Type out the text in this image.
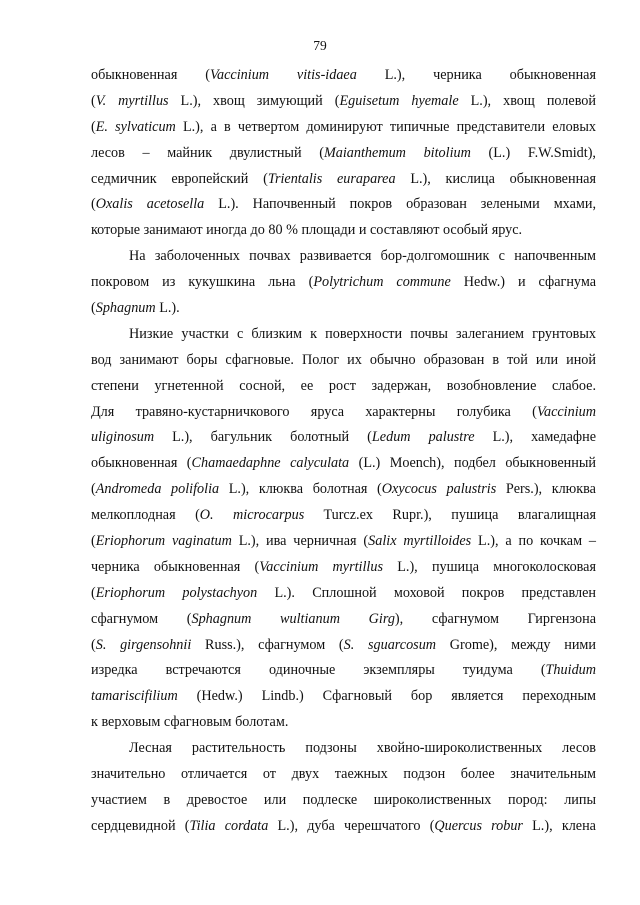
79
обыкновенная (Vaccinium vitis-idaea L.), черника обыкновенная
(V. myrtillus L.), хвощ зимующий (Eguisetum hyemale L.), хвощ полевой
(E. sylvaticum L.), а в четвертом доминируют типичные представители еловых
лесов – майник двулистный (Maianthemum bitolium (L.) F.W.Smidt),
седмичник европейский (Trientalis euraparea L.), кислица обыкновенная
(Oxalis acetosella L.). Напочвенный покров образован зелеными мхами,
которые занимают иногда до 80 % площади и составляют особый ярус.
На заболоченных почвах развивается бор-долгомошник с напочвенным
покровом из кукушкина льна (Polytrichum commune Hedw.) и сфагнума
(Sphagnum L.).
Низкие участки с близким к поверхности почвы залеганием грунтовых
вод занимают боры сфагновые. Полог их обычно образован в той или иной
степени угнетенной сосной, ее рост задержан, возобновление слабое.
Для травяно-кустарничкового яруса характерны голубика (Vaccinium
uliginosum L.), багульник болотный (Ledum palustre L.), хамедафне
обыкновенная (Chamaedaphne calyculata (L.) Moench), подбел обыкновенный
(Andromeda polifolia L.), клюква болотная (Oxycocus palustris Pers.), клюква
мелкоплодная (O. microcarpus Turcz.ex Rupr.), пушица влагалищная
(Eriophorum vaginatum L.), ива черничная (Salix myrtilloides L.), а по кочкам –
черника обыкновенная (Vaccinium myrtillus L.), пушица многоколосковая
(Eriophorum polystachyon L.). Сплошной моховой покров представлен
сфагнумом (Sphagnum wultianum Girg), сфагнумом Гиргензона
(S. girgensohnii Russ.), сфагнумом (S. sguarcosum Grome), между ними
изредка встречаются одиночные экземпляры туидума (Thuidum
tamariscifilium (Hedw.) Lindb.) Сфагновый бор является переходным
к верховым сфагновым болотам.
Лесная растительность подзоны хвойно-широколиственных лесов
значительно отличается от двух таежных подзон более значительным
участием в древостое или подлеске широколиственных пород: липы
сердцевидной (Tilia cordata L.), дуба черешчатого (Quercus robur L.), клена
